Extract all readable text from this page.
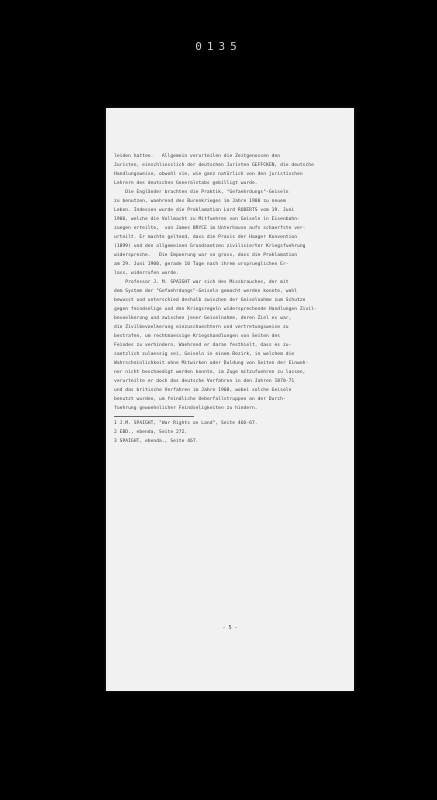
0135

leiden hatten.   Allgemein verurteilen die Zeitgenossen den

Juristen, einschliesslich der deutschen Juristen GEFFCKEN, die deutsche

Handlungsweise, obwohl sie, wie ganz natürlich von den juristischen

Lehrern des deutschen Generalstabs gebilligt wurde.

Die Engländer brachten die Praktik, "Gefaehrdungs"-Geiseln

zu benutzen, waehrend des Burenkrieges im Jahre 1900 zu neuem

Leben. Indessen wurde die Proklamation Lord ROBERTS vom 19. Juni

1900, welche die Vollmacht zu Mitfuehren von Geiseln in Eisenbahn-

zuegen erteilte,  von James BRYCE im Unterhause aufs schaerfste ver-

urteilt. Er machte geltend, dass die Praxis der Haager Konvention

(1899) und den allgemeinen Grundsaetzen zivilisierter Kriegsfuehrung

widerspreche.   Die Empoerung war so gross, dass die Proklamation

am 29. Juni 1900, gerade 10 Tage nach ihrem ursprueglichen Er-

lass, widerrufen wurde.

Professor J. M. SPAIGHT war sich des Missbrauches, der mit

dem System der "Gefaehrdungs"-Geiseln gemacht werden konnte, wohl

bewusst und unterschied deshalb zwischen der Geiselnahme zum Schutze

gegen feindselige und den Kriegsregeln widersprechende Handlungen Zivil-

bevoelkerung und zwischen jener Geiselnahme, deren Ziel es war,

die Zivilbevoelkerung einzuschuechtern und vertretungsweise zu

bestrafen, um rechtmaessige Kriegshandlungen von Seiten des

Feindes zu verhindern. Waehrend er daran festhielt, dass es zu-

saetzlich zulaessig sei, Geiseln in einem Bezirk, in welchem die

Wahrscheinlichkeit ohne Mitwirken oder Duldung von Seiten der Einwoh-

ner nicht beschaedigt werden konnte, im Zuge mitzufuehren zu lassen,

verurteilte er doch das deutsche Verfahren in den Jahren 1870-71

und das britische Verfahren im Jahre 1900, wobei solche Geiseln

benutzt wurden, um feindliche Ueberfallstruppen an der Durch-

fuehrung gewoehnlicher Feindseligkeiten zu hindern.

1 J.M. SPAIGHT, "War Rights on Land", Seite 466-67.

2 EBD., ebenda, Seite 272.

3 SPAIGHT, ebenda., Seite 467.

- 5 -
